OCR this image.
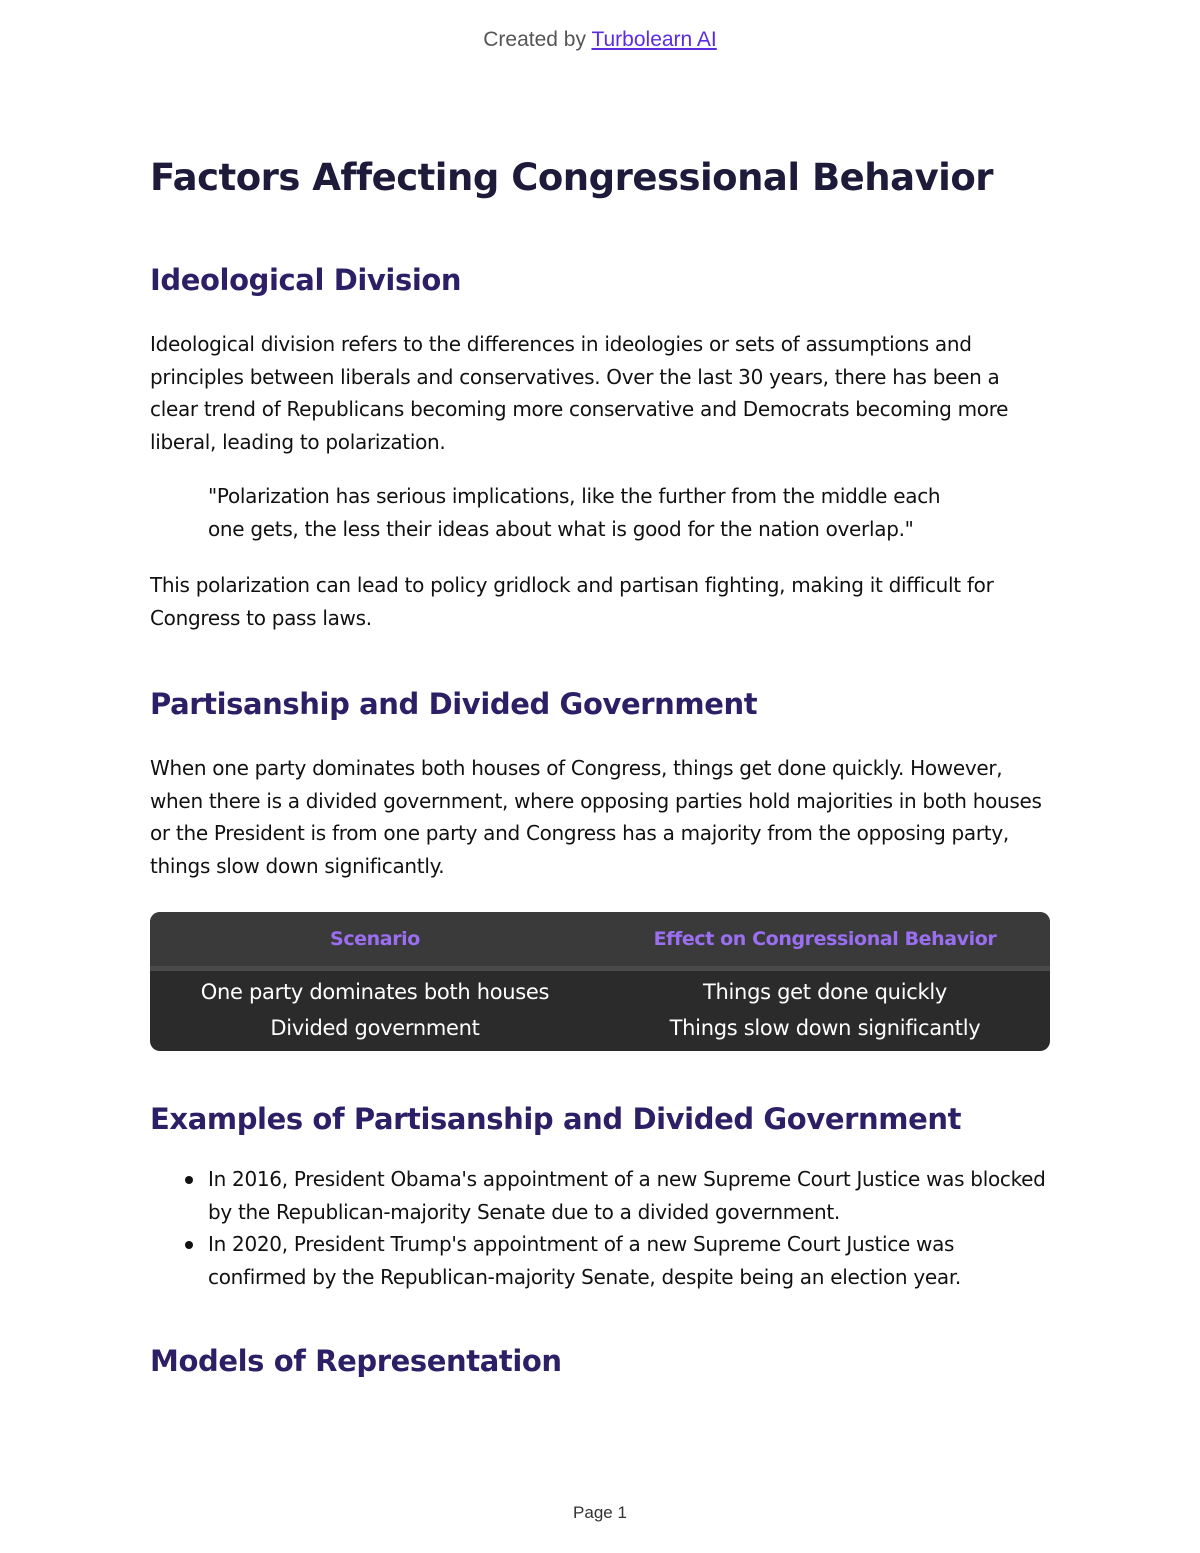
Created by Turbolearn AI
Factors Affecting Congressional Behavior
Ideological Division

Ideological division refers to the differences in ideologies or sets of assumptions and principles between liberals and conservatives. Over the last 30 years, there has been a clear trend of Republicans becoming more conservative and Democrats becoming more liberal, leading to polarization.

"Polarization has serious implications, like the further from the middle each one gets, the less their ideas about what is good for the nation overlap."

This polarization can lead to policy gridlock and partisan fighting, making it difficult for Congress to pass laws.

Partisanship and Divided Government

When one party dominates both houses of Congress, things get done quickly. However, when there is a divided government, where opposing parties hold majorities in both houses or the President is from one party and Congress has a majority from the opposing party, things slow down significantly.

Scenario	Effect on Congressional Behavior
One party dominates both houses	Things get done quickly
Divided government	Things slow down significantly
Examples of Partisanship and Divided Government
In 2016, President Obama's appointment of a new Supreme Court Justice was blocked by the Republican-majority Senate due to a divided government.
In 2020, President Trump's appointment of a new Supreme Court Justice was confirmed by the Republican-majority Senate, despite being an election year.
Models of Representation
Page 1
